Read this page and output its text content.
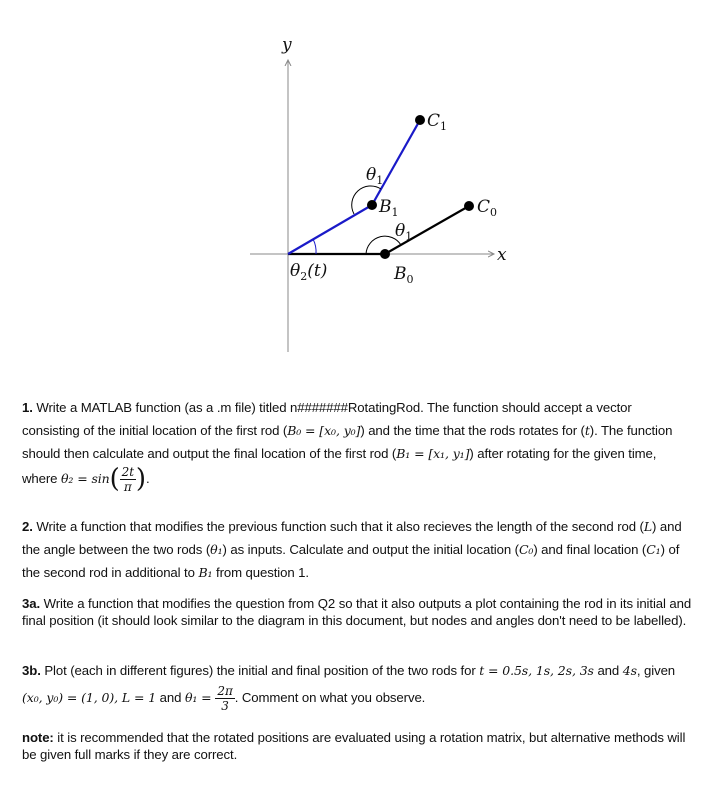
x
y
$C_1$
$C_0$
$B_1$
$B_0$
$\theta_1$
$\theta_1$
$\theta_2(t)$
1. Write a MATLAB function (as a .m file) titled n#######RotatingRod. The function should accept a vector consisting of the initial location of the first rod (B₀ = [x₀, y₀]) and the time that the rods rotates for (t). The function should then calculate and output the final location of the first rod (B₁ = [x₁, y₁]) after rotating for the given time, where $\theta_2 = \sin( \frac{2t}{\pi}$ ).
2. Write a function that modifies the previous function such that it also recieves the length of the second rod (L) and the angle between the two rods (θ₁) as inputs. Calculate and output the initial location (C₀) and final location (C₁) of the second rod in additional to B₁ from question 1.
3a. Write a function that modifies the question from Q2 so that it also outputs a plot containing the rod in its initial and final position (it should look similar to the diagram in this document, but nodes and angles don't need to be labelled).
3b. Plot (each in different figures) the initial and final position of the two rods for t = 0.5s, 1s, 2s, 3s and 4s, given (x₀, y₀) = (1, 0), L = 1 and $\theta_1 = \frac{2\pi}{3}$ . Comment on what you observe.
note: it is recommended that the rotated positions are evaluated using a rotation matrix, but alternative methods will be given full marks if they are correct.
